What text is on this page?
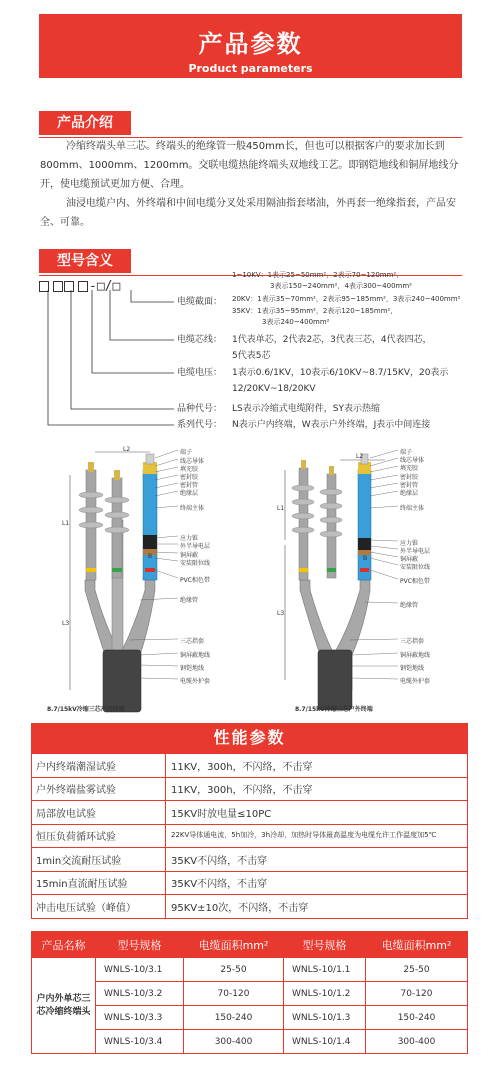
产品参数
Product parameters
产品介绍
冷缩终端头单三芯。终端头的绝缘管一般450mm长，但也可以根据客户的要求加长到800mm、1000mm、1200mm。交联电缆热能终端头双地线工艺。即钢铠地线和铜屏地线分开，使电缆预试更加方便、合理。
油浸电缆户内、外终端和中间电缆分叉处采用隔油指套堵油，外再套一绝缘指套，产品安全、可靠。
型号含义
-□/□
1~10KV：1表示25~50mm²，2表示70~120mm²，
3表示150~240mm²，4表示300~400mm²
电缆截面： 20KV：1表示35~70mm²，2表示95~185mm²，3表示240~400mm²
35KV：1表示35~95mm²，2表示120~185mm²，
3表示240~400mm²
电缆芯线： 1代表单芯，2代表2芯，3代表三芯，4代表四芯，
5代表5芯
电缆电压： 1表示0.6/1KV，10表示6/10KV~8.7/15KV，20表示
12/20KV~18/20KV
品种代号： LS表示冷缩式电缆附件，SY表示热缩
系列代号： N表示户内终端，W表示户外终端，J表示中间连接
L2
L1
L3
B
L2
L1
L3
B
端子
线芯导体
填充胶
密封胶
密封管
绝缘层
终端主体
应力锥
外半导电层
铜屏蔽
安装限位线
PVC相色带
绝缘管
三芯指套
铜屏蔽地线
钢铠地线
电缆外护套
端子
线芯导体
填充胶
密封胶
密封管
绝缘层
终端主体
应力锥
外半导电层
铜屏蔽
安装限位线
PVC相色带
绝缘管
三芯指套
铜屏蔽地线
钢铠地线
电缆外护套
8.7/15kV冷缩三芯户内终端	8.7/15kV冷缩三芯户外终端
性能参数
户内终端潮湿试验	11KV，300h，不闪络，不击穿
户外终端盐雾试验	11KV，300h，不闪络，不击穿
局部放电试验	15KV时放电量≤10PC
恒压负荷循环试验	22KV导体通电流，5h加冷，3h冷却，加热时导体最高温度为电缆允许工作温度加5℃
1min交流耐压试验	35KV不闪络，不击穿
15min直流耐压试验	35KV不闪络，不击穿
冲击电压试验（峰值）	95KV±10次，不闪络，不击穿
产品名称	型号规格	电缆面积mm²	型号规格	电缆面积mm²
户内外单芯三芯冷缩终端头	WNLS-10/3.1	25-50	WNLS-10/1.1	25-50
	WNLS-10/3.2	70-120	WNLS-10/1.2	70-120
	WNLS-10/3.3	150-240	WNLS-10/1.3	150-240
	WNLS-10/3.4	300-400	WNLS-10/1.4	300-400
